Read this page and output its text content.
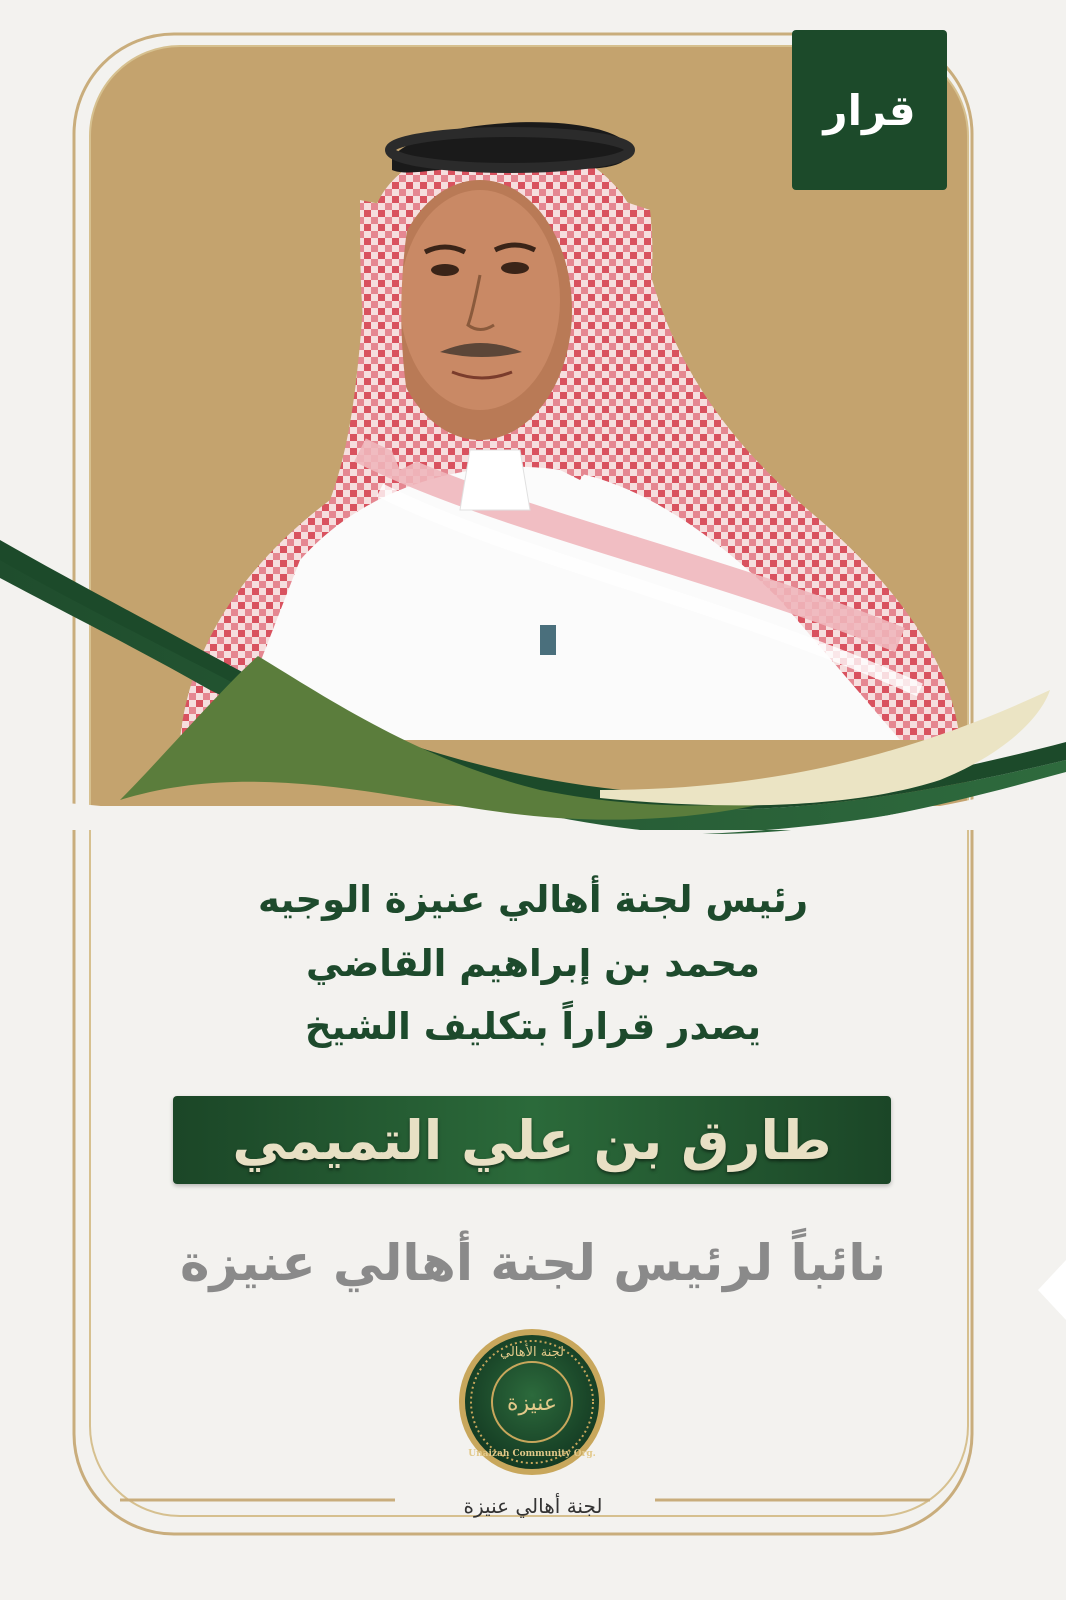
عنيزة
لجنة الأهالي
Unaizah Community Org.
قرار

رئيس لجنة أهالي عنيزة الوجيه

محمد بن إبراهيم القاضي

يصدر قراراً بتكليف الشيخ

طارق بن علي التميمي

نائباً لرئيس لجنة أهالي عنيزة

لجنة أهالي عنيزة
